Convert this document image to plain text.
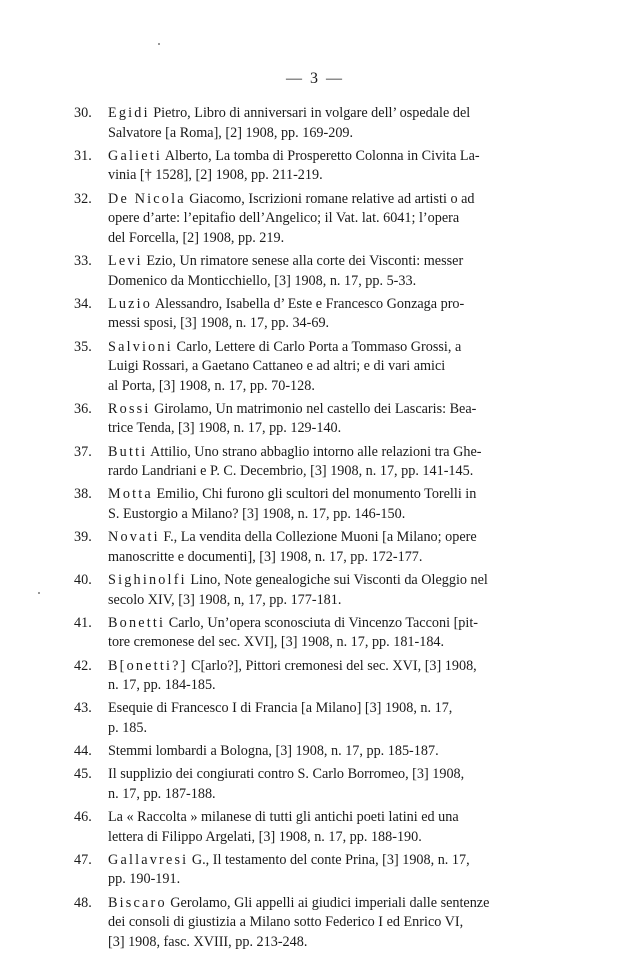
— 3 —
30. Egidi Pietro, Libro di anniversari in volgare dell’ ospedale del
Salvatore [a Roma], [2] 1908, pp. 169-209.
31. Galieti Alberto, La tomba di Prosperetto Colonna in Civita La-
vinia [† 1528], [2] 1908, pp. 211-219.
32. De Nicola Giacomo, Iscrizioni romane relative ad artisti o ad
opere d’arte: l’epitafio dell’Angelico; il Vat. lat. 6041; l’opera
del Forcella, [2] 1908, pp. 219.
33. Levi Ezio, Un rimatore senese alla corte dei Visconti: messer
Domenico da Monticchiello, [3] 1908, n. 17, pp. 5-33.
34. Luzio Alessandro, Isabella d’ Este e Francesco Gonzaga pro-
messi sposi, [3] 1908, n. 17, pp. 34-69.
35. Salvioni Carlo, Lettere di Carlo Porta a Tommaso Grossi, a
Luigi Rossari, a Gaetano Cattaneo e ad altri; e di vari amici
al Porta, [3] 1908, n. 17, pp. 70-128.
36. Rossi Girolamo, Un matrimonio nel castello dei Lascaris: Bea-
trice Tenda, [3] 1908, n. 17, pp. 129-140.
37. Butti Attilio, Uno strano abbaglio intorno alle relazioni tra Ghe-
rardo Landriani e P. C. Decembrio, [3] 1908, n. 17, pp. 141-145.
38. Motta Emilio, Chi furono gli scultori del monumento Torelli in
S. Eustorgio a Milano? [3] 1908, n. 17, pp. 146-150.
39. Novati F., La vendita della Collezione Muoni [a Milano; opere
manoscritte e documenti], [3] 1908, n. 17, pp. 172-177.
40. Sighinolfi Lino, Note genealogiche sui Visconti da Oleggio nel
secolo XIV, [3] 1908, n, 17, pp. 177-181.
41. Bonetti Carlo, Un’opera sconosciuta di Vincenzo Tacconi [pit-
tore cremonese del sec. XVI], [3] 1908, n. 17, pp. 181-184.
42. B[onetti?] C[arlo?], Pittori cremonesi del sec. XVI, [3] 1908,
n. 17, pp. 184-185.
43. Esequie di Francesco I di Francia [a Milano] [3] 1908, n. 17,
p. 185.
44. Stemmi lombardi a Bologna, [3] 1908, n. 17, pp. 185-187.
45. Il supplizio dei congiurati contro S. Carlo Borromeo, [3] 1908,
n. 17, pp. 187-188.
46. La « Raccolta » milanese di tutti gli antichi poeti latini ed una
lettera di Filippo Argelati, [3] 1908, n. 17, pp. 188-190.
47. Gallavresi G., Il testamento del conte Prina, [3] 1908, n. 17,
pp. 190-191.
48. Biscaro Gerolamo, Gli appelli ai giudici imperiali dalle sentenze
dei consoli di giustizia a Milano sotto Federico I ed Enrico VI,
[3] 1908, fasc. XVIII, pp. 213-248.
